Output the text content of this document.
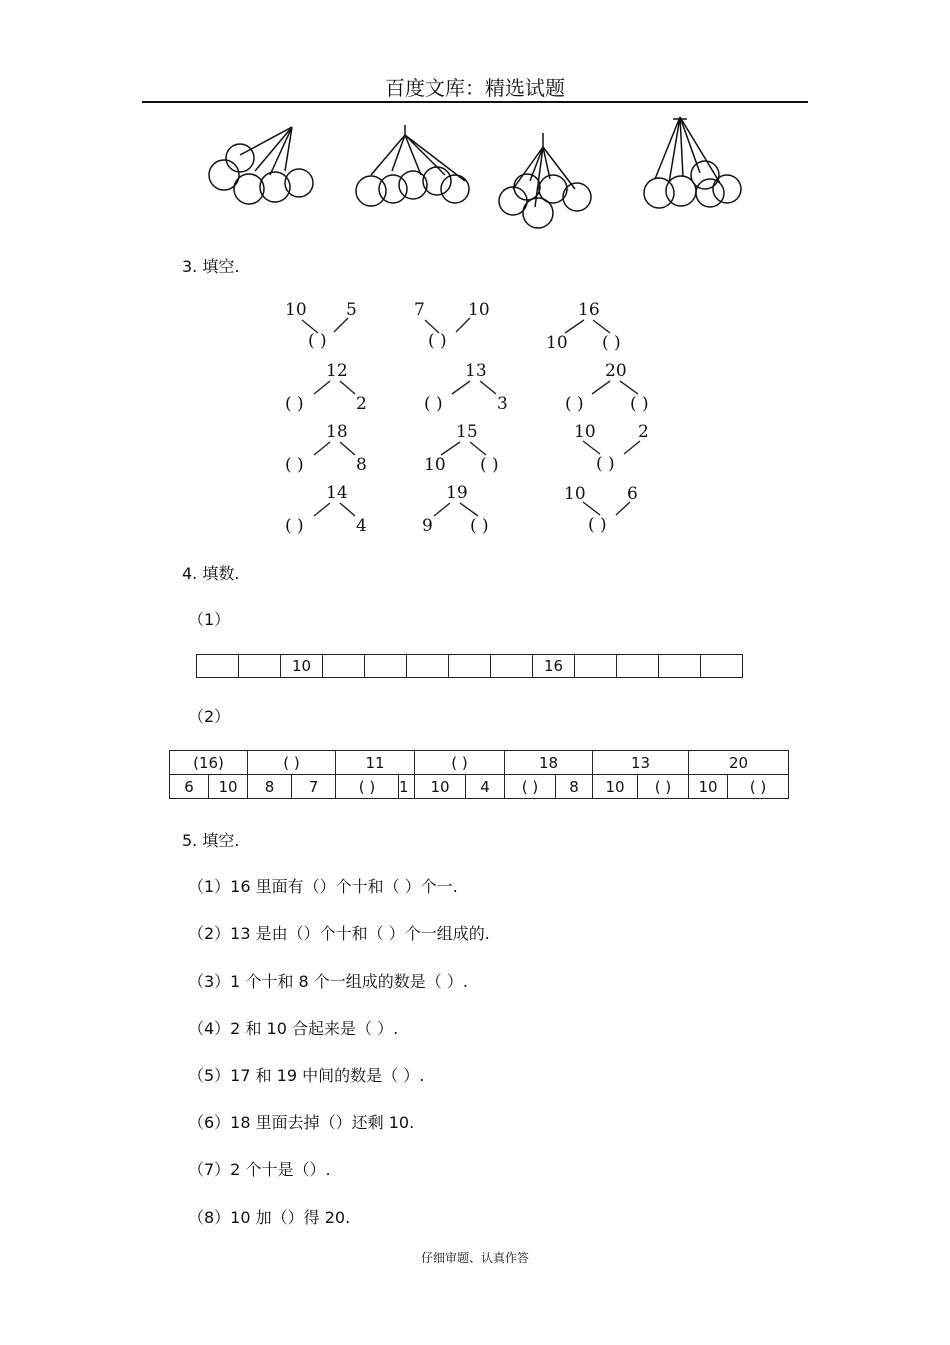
百度文库：精选试题
3. 填空.
10 5
( )
7	10
( )
16
10 ( )
12
( )	2
13
( )	3
20
( )	( )
18
( )	8
15
10 ( )
10 2
( )
14
( )	4
19
9 ( )
10 6
( )
4. 填数.
（1）
		10						16				
（2）
(16)		( )		11		( )		18		13		20	
6	10	8	7	( )	1	10	4	( )	8	10	( )	10	( )
5. 填空.
（1）16 里面有（）个十和（ ）个一.
（2）13 是由（）个十和（ ）个一组成的.
（3）1 个十和 8 个一组成的数是（ ）.
（4）2 和 10 合起来是（ ）.
（5）17 和 19 中间的数是（ ）.
（6）18 里面去掉（）还剩 10.
（7）2 个十是（）.
（8）10 加（）得 20.
仔细审题、认真作答
